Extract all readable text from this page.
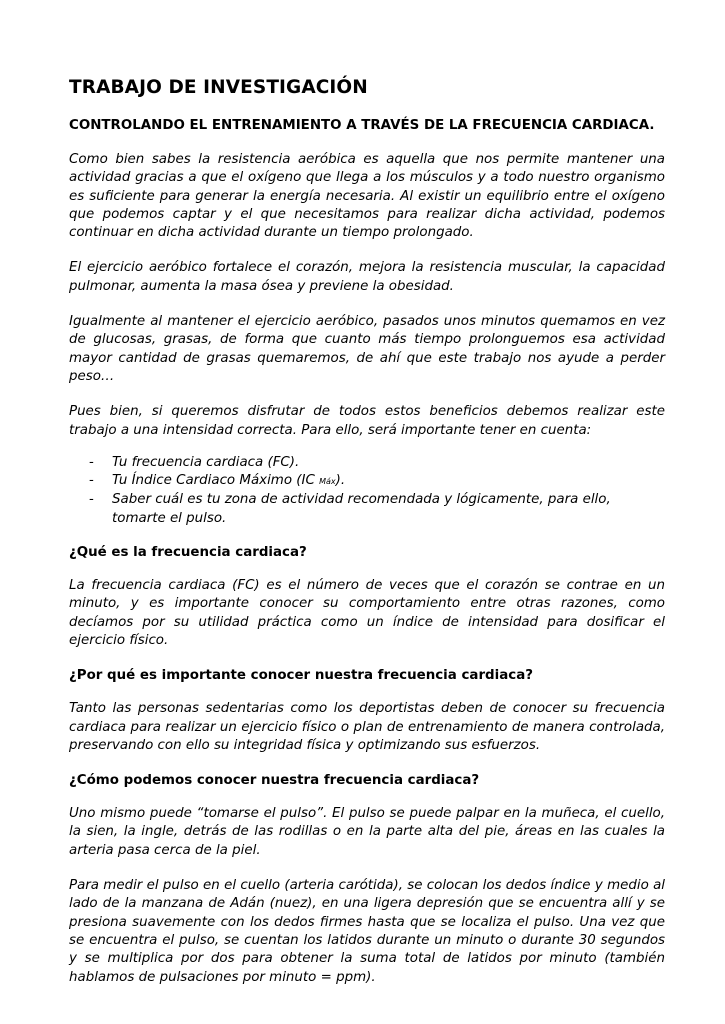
TRABAJO DE INVESTIGACIÓN
CONTROLANDO EL ENTRENAMIENTO A TRAVÉS DE LA FRECUENCIA CARDIACA.

Como bien sabes la resistencia aeróbica es aquella que nos permite mantener una actividad gracias a que el oxígeno que llega a los músculos y a todo nuestro organismo es suficiente para generar la energía necesaria. Al existir un equilibrio entre el oxígeno que podemos captar y el que necesitamos para realizar dicha actividad, podemos continuar en dicha actividad durante un tiempo prolongado.

El ejercicio aeróbico fortalece el corazón, mejora la resistencia muscular, la capacidad pulmonar, aumenta la masa ósea y previene la obesidad.

Igualmente al mantener el ejercicio aeróbico, pasados unos minutos quemamos en vez de glucosas, grasas, de forma que cuanto más tiempo prolonguemos esa actividad mayor cantidad de grasas quemaremos, de ahí que este trabajo nos ayude a perder peso…

Pues bien, si queremos disfrutar de todos estos beneficios debemos realizar este trabajo a una intensidad correcta. Para ello, será importante tener en cuenta:

- Tu frecuencia cardiaca (FC).
- Tu Índice Cardiaco Máximo (IC Máx).
- Saber cuál es tu zona de actividad recomendada y lógicamente, para ello, tomarte el pulso.
¿Qué es la frecuencia cardiaca?

La frecuencia cardiaca (FC) es el número de veces que el corazón se contrae en un minuto, y es importante conocer su comportamiento entre otras razones, como decíamos por su utilidad práctica como un índice de intensidad para dosificar el ejercicio físico.

¿Por qué es importante conocer nuestra frecuencia cardiaca?

Tanto las personas sedentarias como los deportistas deben de conocer su frecuencia cardiaca para realizar un ejercicio físico o plan de entrenamiento de manera controlada, preservando con ello su integridad física y optimizando sus esfuerzos.

¿Cómo podemos conocer nuestra frecuencia cardiaca?

Uno mismo puede “tomarse el pulso”. El pulso se puede palpar en la muñeca, el cuello, la sien, la ingle, detrás de las rodillas o en la parte alta del pie, áreas en las cuales la arteria pasa cerca de la piel.

Para medir el pulso en el cuello (arteria carótida), se colocan los dedos índice y medio al lado de la manzana de Adán (nuez), en una ligera depresión que se encuentra allí y se presiona suavemente con los dedos firmes hasta que se localiza el pulso. Una vez que se encuentra el pulso, se cuentan los latidos durante un minuto o durante 30 segundos y se multiplica por dos para obtener la suma total de latidos por minuto (también hablamos de pulsaciones por minuto = ppm).
